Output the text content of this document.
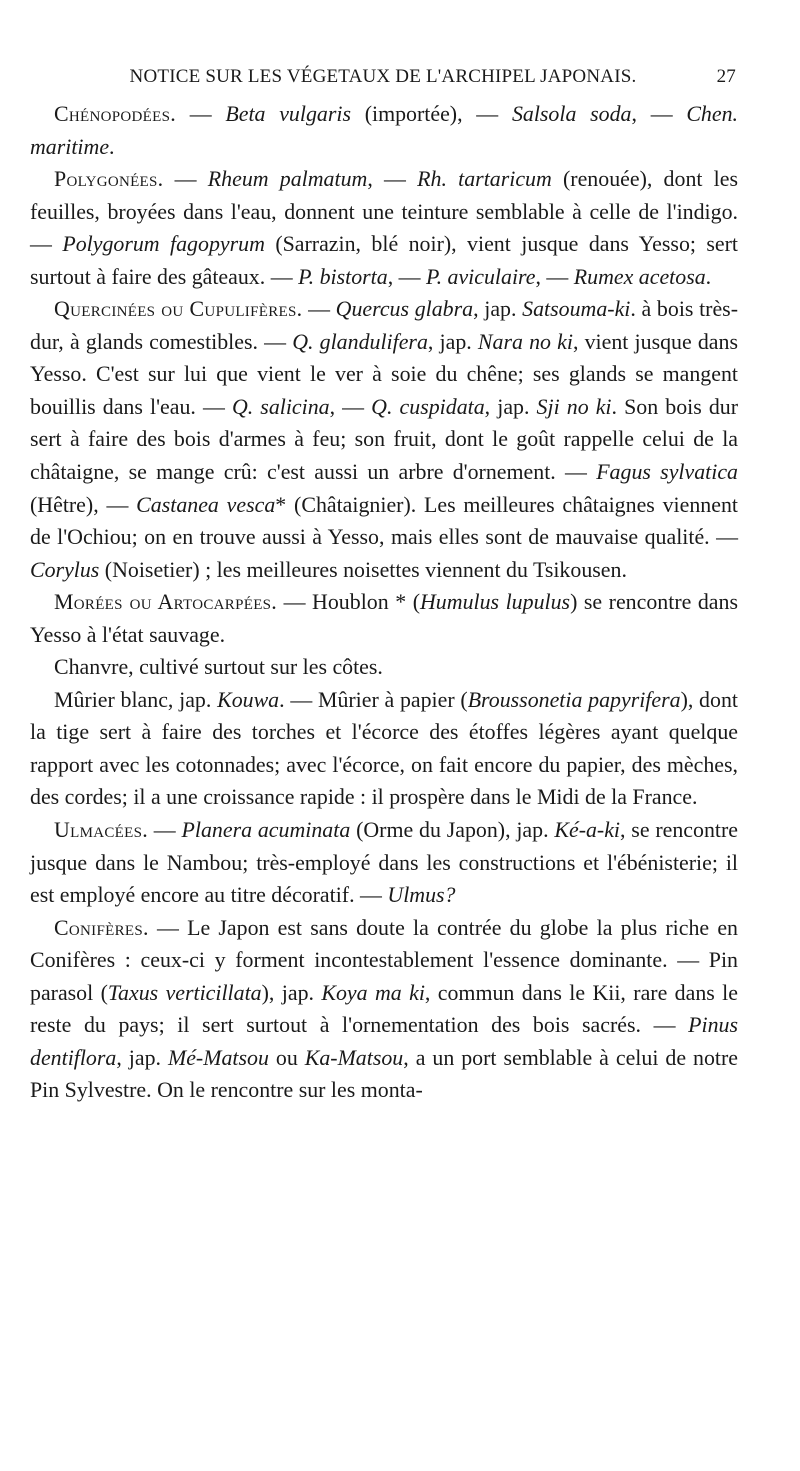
NOTICE SUR LES VÉGETAUX DE L'ARCHIPEL JAPONAIS.	27

Chénopodées. — Beta vulgaris (importée), — Salsola soda, — Chen. maritime.

Polygonées. — Rheum palmatum, — Rh. tartaricum (renouée), dont les feuilles, broyées dans l'eau, donnent une teinture semblable à celle de l'indigo. — Polygorum fagopyrum (Sarrazin, blé noir), vient jusque dans Yesso; sert surtout à faire des gâteaux. — P. bistorta, — P. aviculaire, — Rumex acetosa.

Quercinées ou Cupulifères. — Quercus glabra, jap. Satsouma-ki. à bois très-dur, à glands comestibles. — Q. glandulifera, jap. Nara no ki, vient jusque dans Yesso. C'est sur lui que vient le ver à soie du chêne; ses glands se mangent bouillis dans l'eau. — Q. salicina, — Q. cuspidata, jap. Sji no ki. Son bois dur sert à faire des bois d'armes à feu; son fruit, dont le goût rappelle celui de la châtaigne, se mange crû: c'est aussi un arbre d'ornement. — Fagus sylvatica (Hêtre), — Castanea vesca* (Châtaignier). Les meilleures châtaignes viennent de l'Ochiou; on en trouve aussi à Yesso, mais elles sont de mauvaise qualité. — Corylus (Noisetier) ; les meilleures noisettes viennent du Tsikousen.

Morées ou Artocarpées. — Houblon * (Humulus lupulus) se rencontre dans Yesso à l'état sauvage.

Chanvre, cultivé surtout sur les côtes.

Mûrier blanc, jap. Kouwa. — Mûrier à papier (Broussonetia papyrifera), dont la tige sert à faire des torches et l'écorce des étoffes légères ayant quelque rapport avec les cotonnades; avec l'écorce, on fait encore du papier, des mèches, des cordes; il a une croissance rapide : il prospère dans le Midi de la France.

Ulmacées. — Planera acuminata (Orme du Japon), jap. Ké-a-ki, se rencontre jusque dans le Nambou; très-employé dans les constructions et l'ébénisterie; il est employé encore au titre décoratif. — Ulmus?

Conifères. — Le Japon est sans doute la contrée du globe la plus riche en Conifères : ceux-ci y forment incontestablement l'essence dominante. — Pin parasol (Taxus verticillata), jap. Koya ma ki, commun dans le Kii, rare dans le reste du pays; il sert surtout à l'ornementation des bois sacrés. — Pinus dentiflora, jap. Mé-Matsou ou Ka-Matsou, a un port semblable à celui de notre Pin Sylvestre. On le rencontre sur les monta-
